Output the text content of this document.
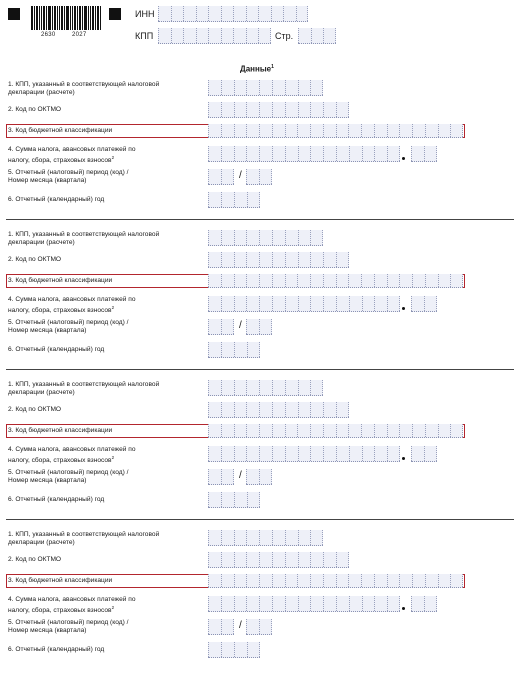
2630	2027
ИНН
КПП	Стр.
Данные$^1$
1. КПП, указанный в соответствующей налоговой
декларации (расчете)
2. Код по ОКТМО
3. Код бюджетной классификации
4. Сумма налога, авансовых платежей по
налогу, сбора, страховых взносов$^2$
5. Отчетный (налоговый) период (код) /
Номер месяца (квартала)	/
6. Отчетный (календарный) год
1. КПП, указанный в соответствующей налоговой
декларации (расчете)
2. Код по ОКТМО
3. Код бюджетной классификации
4. Сумма налога, авансовых платежей по
налогу, сбора, страховых взносов$^2$
5. Отчетный (налоговый) период (код) /
Номер месяца (квартала)	/
6. Отчетный (календарный) год
1. КПП, указанный в соответствующей налоговой
декларации (расчете)
2. Код по ОКТМО
3. Код бюджетной классификации
4. Сумма налога, авансовых платежей по
налогу, сбора, страховых взносов$^2$
5. Отчетный (налоговый) период (код) /
Номер месяца (квартала)	/
6. Отчетный (календарный) год
1. КПП, указанный в соответствующей налоговой
декларации (расчете)
2. Код по ОКТМО
3. Код бюджетной классификации
4. Сумма налога, авансовых платежей по
налогу, сбора, страховых взносов$^2$
5. Отчетный (налоговый) период (код) /
Номер месяца (квартала)	/
6. Отчетный (календарный) год
